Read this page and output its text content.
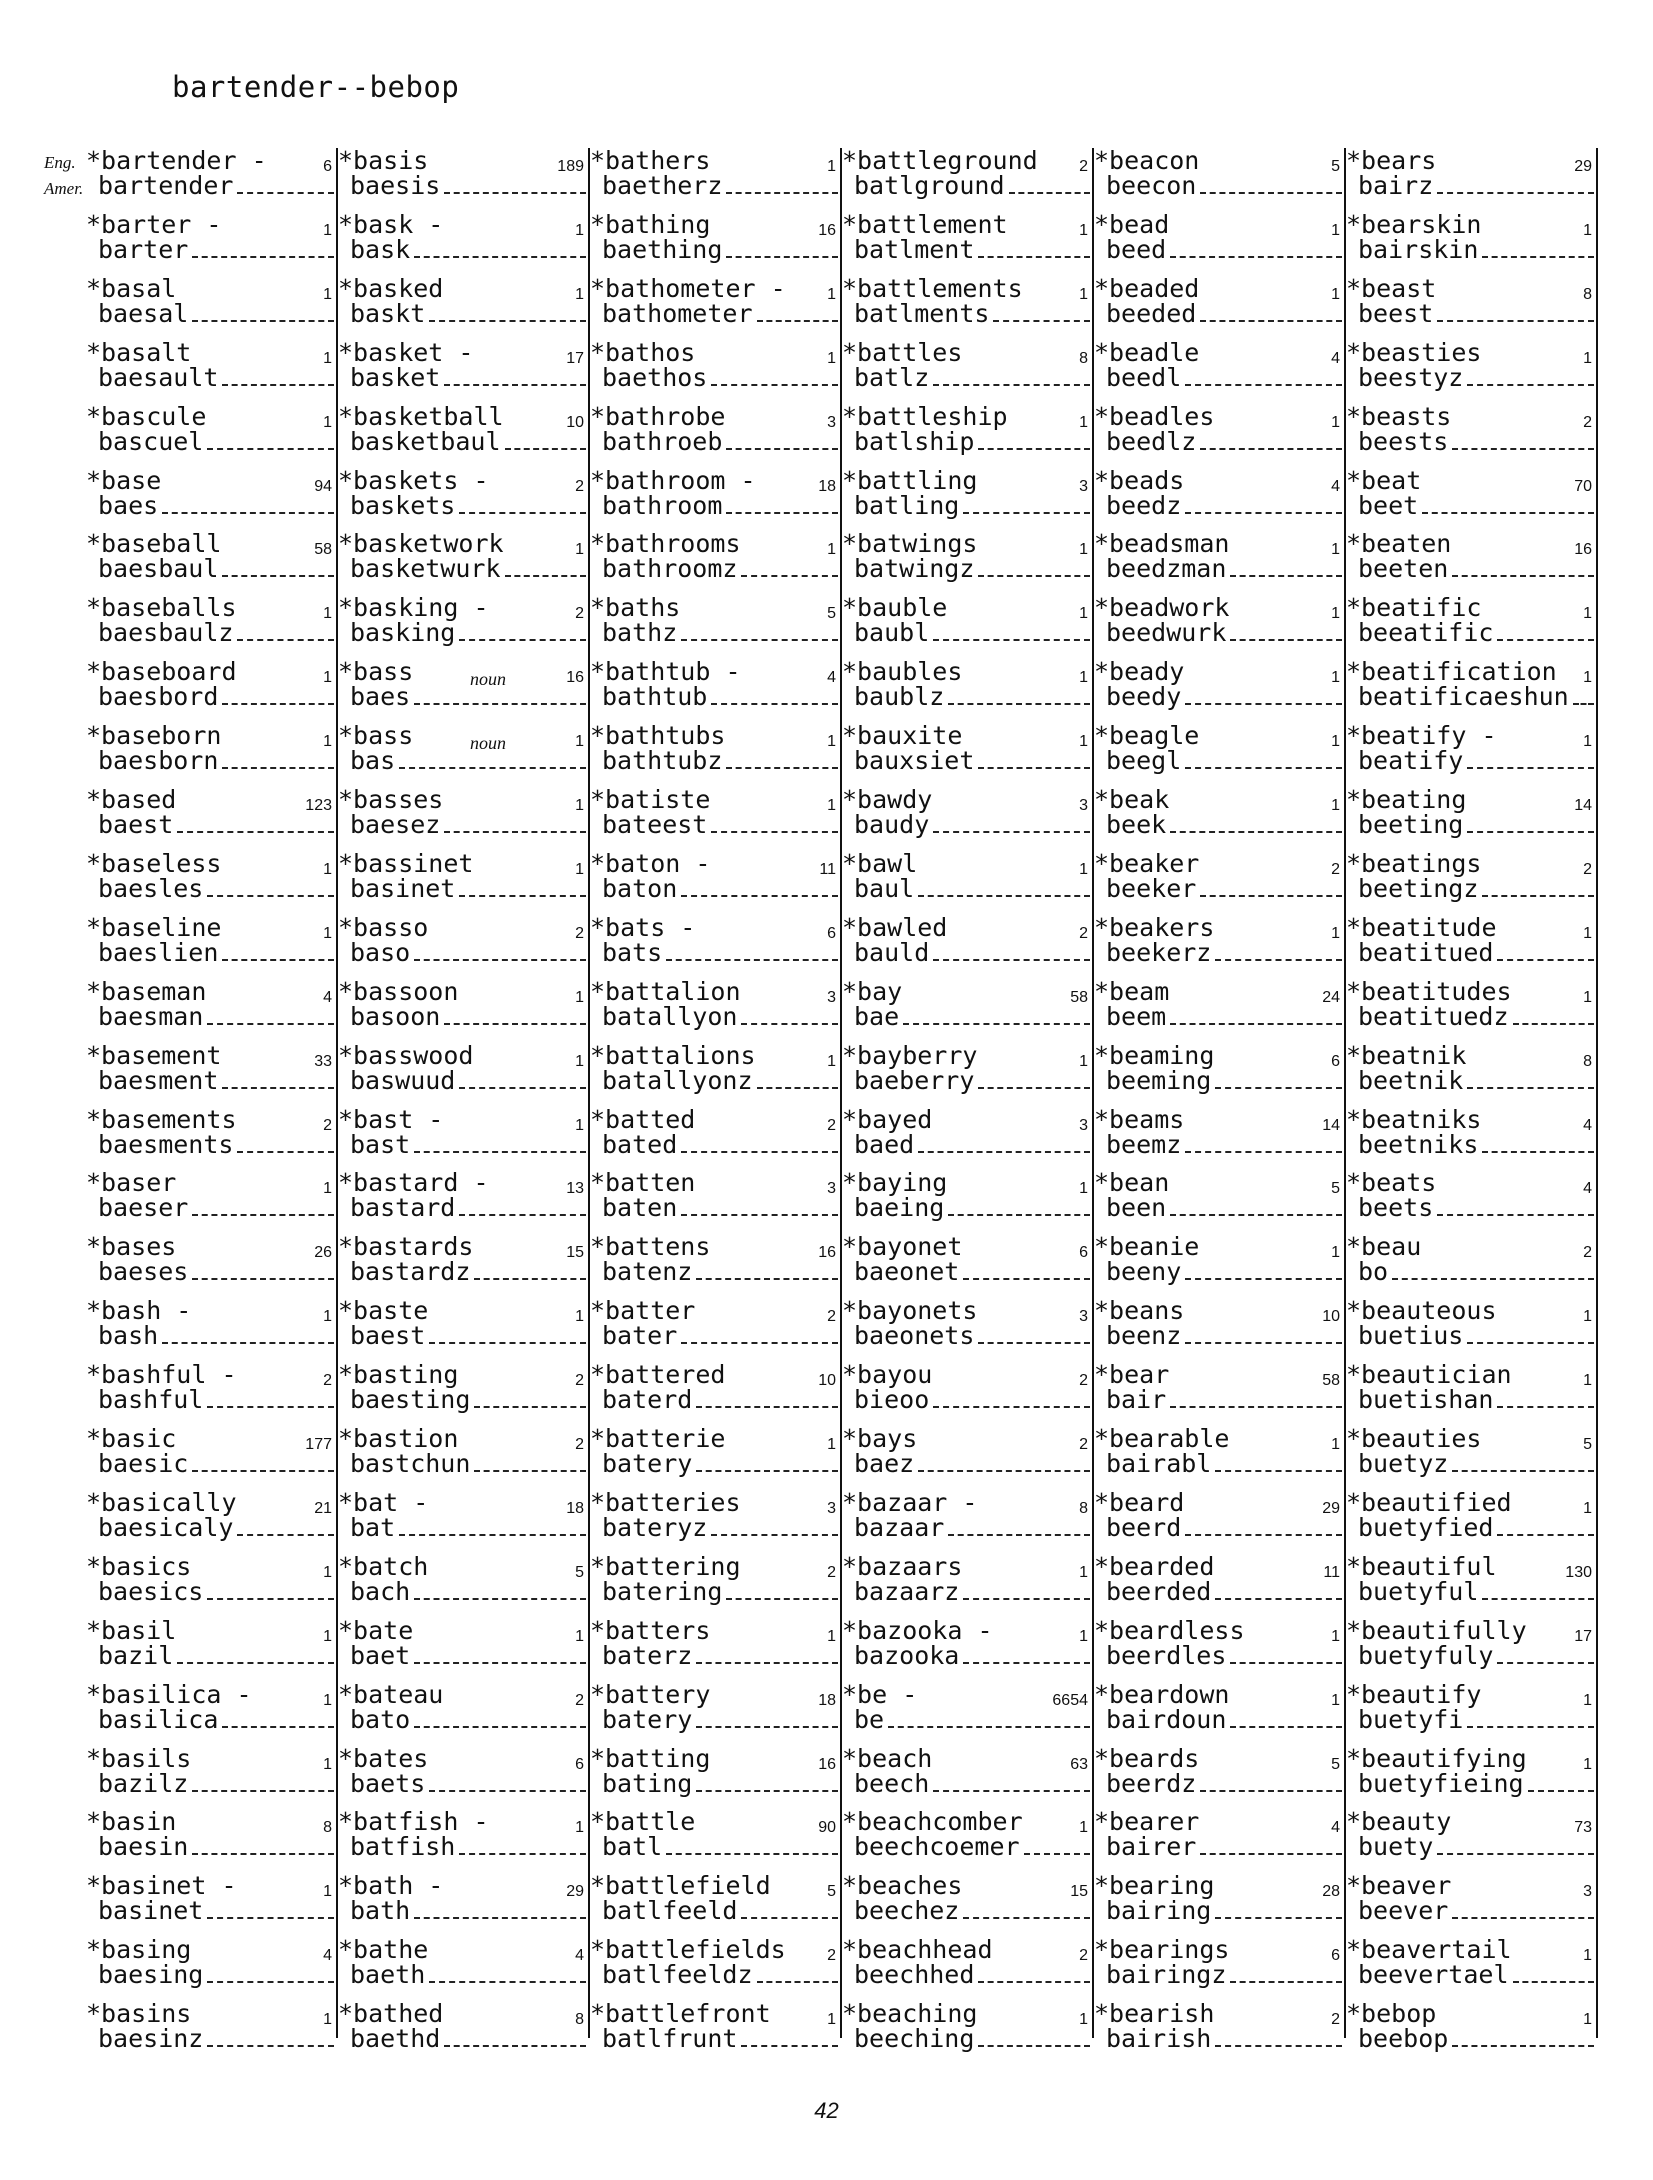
bartender--bebop
Eng.
Amer.
*bartender -	6
bartender
*barter -	1
barter
*basal	1
baesal
*basalt	1
baesault
*bascule	1
bascuel
*base	94
baes
*baseball	58
baesbaul
*baseballs	1
baesbaulz
*baseboard	1
baesbord
*baseborn	1
baesborn
*based	123
baest
*baseless	1
baesles
*baseline	1
baeslien
*baseman	4
baesman
*basement	33
baesment
*basements	2
baesments
*baser	1
baeser
*bases	26
baeses
*bash -	1
bash
*bashful -	2
bashful
*basic	177
baesic
*basically	21
baesicaly
*basics	1
baesics
*basil	1
bazil
*basilica -	1
basilica
*basils	1
bazilz
*basin	8
baesin
*basinet -	1
basinet
*basing	4
baesing
*basins	1
baesinz
*basis	189
baesis
*bask -	1
bask
*basked	1
baskt
*basket -	17
basket
*basketball	10
basketbaul
*baskets -	2
baskets
*basketwork	1
basketwurk
*basking -	2
basking
*bass	noun	16
baes
*bass	noun	1
bas
*basses	1
baesez
*bassinet	1
basinet
*basso	2
baso
*bassoon	1
basoon
*basswood	1
baswuud
*bast -	1
bast
*bastard -	13
bastard
*bastards	15
bastardz
*baste	1
baest
*basting	2
baesting
*bastion	2
bastchun
*bat -	18
bat
*batch	5
bach
*bate	1
baet
*bateau	2
bato
*bates	6
baets
*batfish -	1
batfish
*bath -	29
bath
*bathe	4
baeth
*bathed	8
baethd
*bathers	1
baetherz
*bathing	16
baething
*bathometer -	1
bathometer
*bathos	1
baethos
*bathrobe	3
bathroeb
*bathroom -	18
bathroom
*bathrooms	1
bathroomz
*baths	5
bathz
*bathtub -	4
bathtub
*bathtubs	1
bathtubz
*batiste	1
bateest
*baton -	11
baton
*bats -	6
bats
*battalion	3
batallyon
*battalions	1
batallyonz
*batted	2
bated
*batten	3
baten
*battens	16
batenz
*batter	2
bater
*battered	10
baterd
*batterie	1
batery
*batteries	3
bateryz
*battering	2
batering
*batters	1
baterz
*battery	18
batery
*batting	16
bating
*battle	90
batl
*battlefield	5
batlfeeld
*battlefields	2
batlfeeldz
*battlefront	1
batlfrunt
*battleground	2
batlground
*battlement	1
batlment
*battlements	1
batlments
*battles	8
batlz
*battleship	1
batlship
*battling	3
batling
*batwings	1
batwingz
*bauble	1
baubl
*baubles	1
baublz
*bauxite	1
bauxsiet
*bawdy	3
baudy
*bawl	1
baul
*bawled	2
bauld
*bay	58
bae
*bayberry	1
baeberry
*bayed	3
baed
*baying	1
baeing
*bayonet	6
baeonet
*bayonets	3
baeonets
*bayou	2
bieoo
*bays	2
baez
*bazaar -	8
bazaar
*bazaars	1
bazaarz
*bazooka -	1
bazooka
*be -	6654
be
*beach	63
beech
*beachcomber	1
beechcoemer
*beaches	15
beechez
*beachhead	2
beechhed
*beaching	1
beeching
*beacon	5
beecon
*bead	1
beed
*beaded	1
beeded
*beadle	4
beedl
*beadles	1
beedlz
*beads	4
beedz
*beadsman	1
beedzman
*beadwork	1
beedwurk
*beady	1
beedy
*beagle	1
beegl
*beak	1
beek
*beaker	2
beeker
*beakers	1
beekerz
*beam	24
beem
*beaming	6
beeming
*beams	14
beemz
*bean	5
been
*beanie	1
beeny
*beans	10
beenz
*bear	58
bair
*bearable	1
bairabl
*beard	29
beerd
*bearded	11
beerded
*beardless	1
beerdles
*beardown	1
bairdoun
*beards	5
beerdz
*bearer	4
bairer
*bearing	28
bairing
*bearings	6
bairingz
*bearish	2
bairish
*bears	29
bairz
*bearskin	1
bairskin
*beast	8
beest
*beasties	1
beestyz
*beasts	2
beests
*beat	70
beet
*beaten	16
beeten
*beatific	1
beeatific
*beatification 1
beatificaeshun
*beatify -	1
beatify
*beating	14
beeting
*beatings	2
beetingz
*beatitude	1
beatitued
*beatitudes	1
beatituedz
*beatnik	8
beetnik
*beatniks	4
beetniks
*beats	4
beets
*beau	2
bo
*beauteous	1
buetius
*beautician	1
buetishan
*beauties	5
buetyz
*beautified	1
buetyfied
*beautiful	130
buetyful
*beautifully	17
buetyfuly
*beautify	1
buetyfi
*beautifying	1
buetyfieing
*beauty	73
buety
*beaver	3
beever
*beavertail	1
beevertael
*bebop	1
beebop
42
